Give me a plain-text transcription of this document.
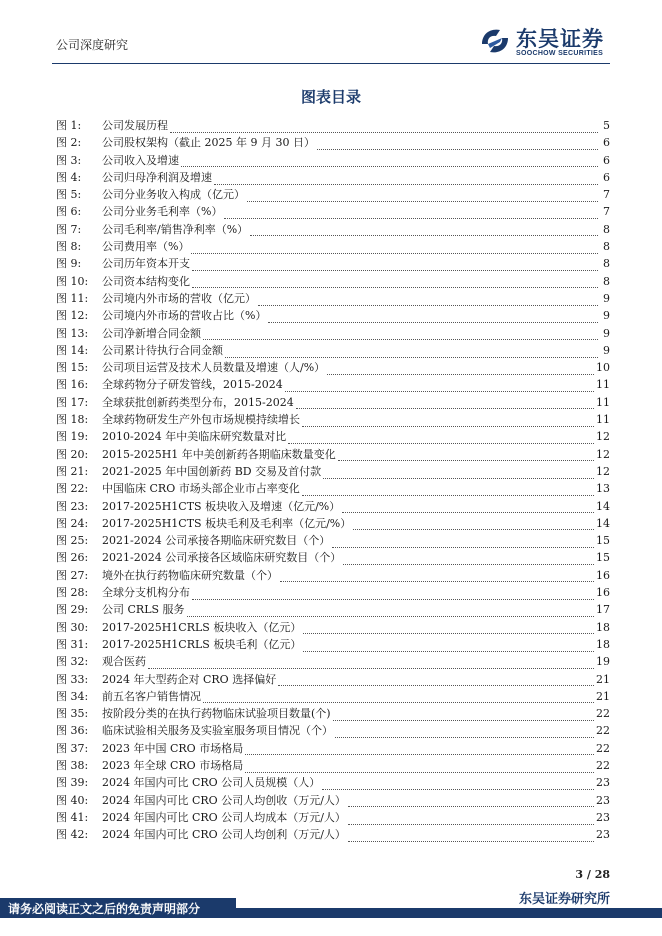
公司深度研究	东吴证券
SOOCHOW SECURITIES
图表目录
图 1:	公司发展历程	5
图 2:	公司股权架构（截止 2025 年 9 月 30 日）	6
图 3:	公司收入及增速	6
图 4:	公司归母净利润及增速	6
图 5:	公司分业务收入构成（亿元）	7
图 6:	公司分业务毛利率（%）	7
图 7:	公司毛利率/销售净利率（%）	8
图 8:	公司费用率（%）	8
图 9:	公司历年资本开支	8
图 10:	公司资本结构变化	8
图 11:	公司境内外市场的营收（亿元）	9
图 12:	公司境内外市场的营收占比（%）	9
图 13:	公司净新增合同金额	9
图 14:	公司累计待执行合同金额	9
图 15:	公司项目运营及技术人员数量及增速（人/%）	10
图 16:	全球药物分子研发管线，2015-2024	11
图 17:	全球获批创新药类型分布，2015-2024	11
图 18:	全球药物研发生产外包市场规模持续增长	11
图 19:	2010-2024 年中美临床研究数量对比	12
图 20:	2015-2025H1 年中美创新药各期临床数量变化	12
图 21:	2021-2025 年中国创新药 BD 交易及首付款	12
图 22:	中国临床 CRO 市场头部企业市占率变化	13
图 23:	2017-2025H1CTS 板块收入及增速（亿元/%）	14
图 24:	2017-2025H1CTS 板块毛利及毛利率（亿元/%）	14
图 25:	2021-2024 公司承接各期临床研究数目（个）	15
图 26:	2021-2024 公司承接各区域临床研究数目（个）	15
图 27:	境外在执行药物临床研究数量（个）	16
图 28:	全球分支机构分布	16
图 29:	公司 CRLS 服务	17
图 30:	2017-2025H1CRLS 板块收入（亿元）	18
图 31:	2017-2025H1CRLS 板块毛利（亿元）	18
图 32:	观合医药	19
图 33:	2024 年大型药企对 CRO 选择偏好	21
图 34:	前五名客户销售情况	21
图 35:	按阶段分类的在执行药物临床试验项目数量(个)	22
图 36:	临床试验相关服务及实验室服务项目情况（个）	22
图 37:	2023 年中国 CRO 市场格局	22
图 38:	2023 年全球 CRO 市场格局	22
图 39:	2024 年国内可比 CRO 公司人员规模（人）	23
图 40:	2024 年国内可比 CRO 公司人均创收（万元/人）	23
图 41:	2024 年国内可比 CRO 公司人均成本（万元/人）	23
图 42:	2024 年国内可比 CRO 公司人均创利（万元/人）	23
3 / 28
东吴证券研究所
请务必阅读正文之后的免责声明部分
